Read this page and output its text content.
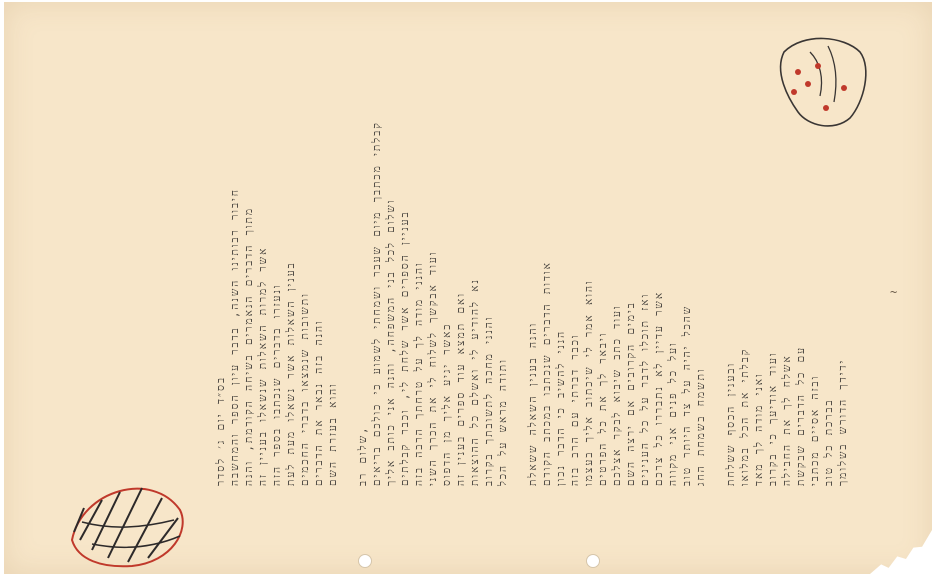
בס״ד יום ג׳ לסדר חיבור רבותינו השנה, בדבר עיון הספר והמחשבה מתוך הדברים הנאמרים בשיחה הקודמת, והנה אשר למרות השאלות שנשאלו בעניין זה ונעזרו בדברים שנכתבו בספר הזה בענין השאלות אשר נשאלו מעת לעת ותשובות שנמצאו בדברי החכמים והנה בזה נבאר את הדברים והוא בעזרת השם שלום רב, קבלתי מכתבך מיום שעבר ושמחתי לשמוע כי כולכם בריאים ושלום לכל בני המשפחה, והנה אני כותב אליך בעניין הספרים אשר שלחת לי, וכבר קבלתים והנני מודה לך על טרחתך הרבה בזה ועוד אבקשך לשלוח לי את הכרך השני כאשר יגיע אליך מן הדפוס ואם תמצא עוד ספרים בענין זה נא להודיע לי ואשלם כל ההוצאות והנני מחכה לתשובתך בקרוב ותודה מראש על הכל והנה בענין השאלה ששאלת אודות הדברים שנכתבו במכתב הקודם הנני להשיב כי הדבר נכון וכבר דברתי עם הרב בזה והוא אמר לי שיכתוב אליך בעצמו ויבאר לך את כל הפרטים ועוד כתב שיבוא לבקר אצלכם בימים הקרובים אם ירצה השם ואז תוכלו לדבר על כל הענינים אשר עדיין לא נתבררו כל צרכם ועל כל פנים אני מקווה שהכל יהיה על צד היותר טוב ותשמח בשמחת החג ובענין הכסף ששלחת קבלתי את הכל במלואו ואני מודה לך מאד ועוד אודיעך כי בקרוב אשלח לך את החבילה עם כל הדברים שבקשת ובזה אסיים מכתבי בברכת כל טוב ידידך הדורש בשלומך
~
